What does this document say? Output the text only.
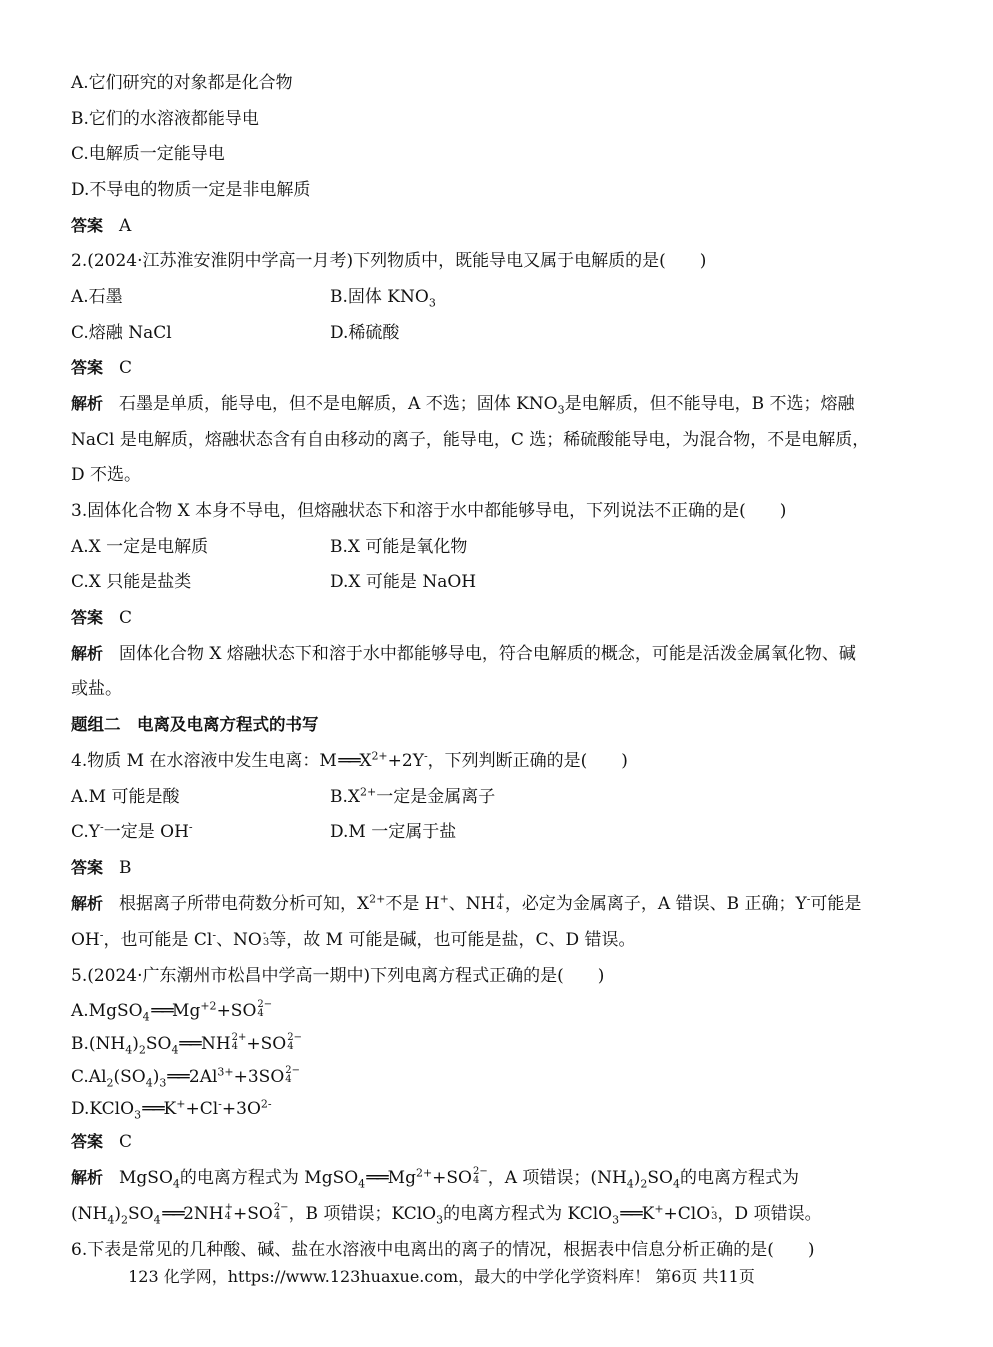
A.它们研究的对象都是化合物
B.它们的水溶液都能导电
C.电解质一定能导电
D.不导电的物质一定是非电解质
答案 A
2.(2024·江苏淮安淮阴中学高一月考)下列物质中，既能导电又属于电解质的是(　　)
A.石墨	B.固体 $KNO_3$
C.熔融 NaCl	D.稀硫酸
答案 C
解析 石墨是单质，能导电，但不是电解质，A 不选；固体 $KNO_3$是电解质，但不能导电，B 不选；熔融
NaCl 是电解质，熔融状态含有自由移动的离子，能导电，C 选；稀硫酸能导电，为混合物，不是电解质，
D 不选。
3.固体化合物 X 本身不导电，但熔融状态下和溶于水中都能够导电，下列说法不正确的是(　　)
A.X 一定是电解质	B.X 可能是氧化物
C.X 只能是盐类	D.X 可能是 NaOH
答案 C
解析 固体化合物 X 熔融状态下和溶于水中都能够导电，符合电解质的概念，可能是活泼金属氧化物、碱
或盐。
题组二　电离及电离方程式的书写
4.物质 M 在水溶液中发生电离：$M══X^{2+}+2Y^-$，下列判断正确的是(　　)
A.M 可能是酸	$B.X^{2+}$一定是金属离子
C.Y-一定是 OH-	D.M 一定属于盐
答案 B
解析 根据离子所带电荷数分析可知，$X^{2+}$不是 H+、NH +
4 ，必定为金属离子，A 错误、B 正确；Y-可能是
OH-，也可能是 Cl-、NO -
3 等，故 M 可能是碱，也可能是盐，C、D 错误。
5.(2024·广东潮州市松昌中学高一期中)下列电离方程式正确的是(　　)
$A.MgSO_4══Mg^{+2}+SO$ 2−
4
$B.(NH_4)_2SO_4══NH$ 2+
4 +SO 2−
4
$C.Al_2(SO_4)_3══2Al^{3+}+3SO$ 2−
4
$D.KClO_3══K^++Cl^-+3O^{2-}$
答案 C
解析 MgSO$_4$的电离方程式为 $MgSO_4══Mg^{2+}+SO$ 2−
4 ，A 项错误；$(NH_4)_2SO_4$的电离方程式为
$(NH_4)_2SO_4══2NH$ +
4 +SO 2−
4 ，B 项错误；KClO$_3$的电离方程式为 KClO$_3$══K++ClO -
3 ，D 项错误。
6.下表是常见的几种酸、碱、盐在水溶液中电离出的离子的情况，根据表中信息分析正确的是(　　)
123 化学网，https://www.123huaxue.com，最大的中学化学资料库！ 第6页 共11页
